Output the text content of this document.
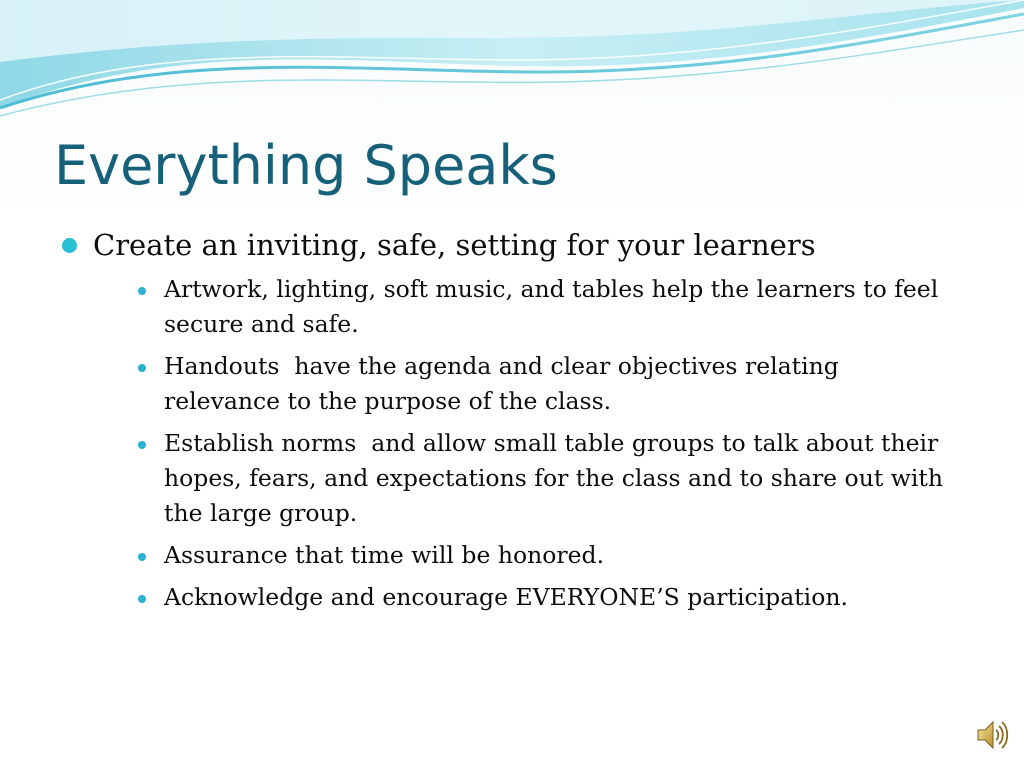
Everything Speaks
Create an inviting, safe, setting for your learners
Artwork, lighting, soft music, and tables help the learners to feel secure and safe.
Handouts  have the agenda and clear objectives relating relevance to the purpose of the class.
Establish norms  and allow small table groups to talk about their hopes, fears, and expectations for the class and to share out with the large group.
Assurance that time will be honored.
Acknowledge and encourage EVERYONE’S participation.
